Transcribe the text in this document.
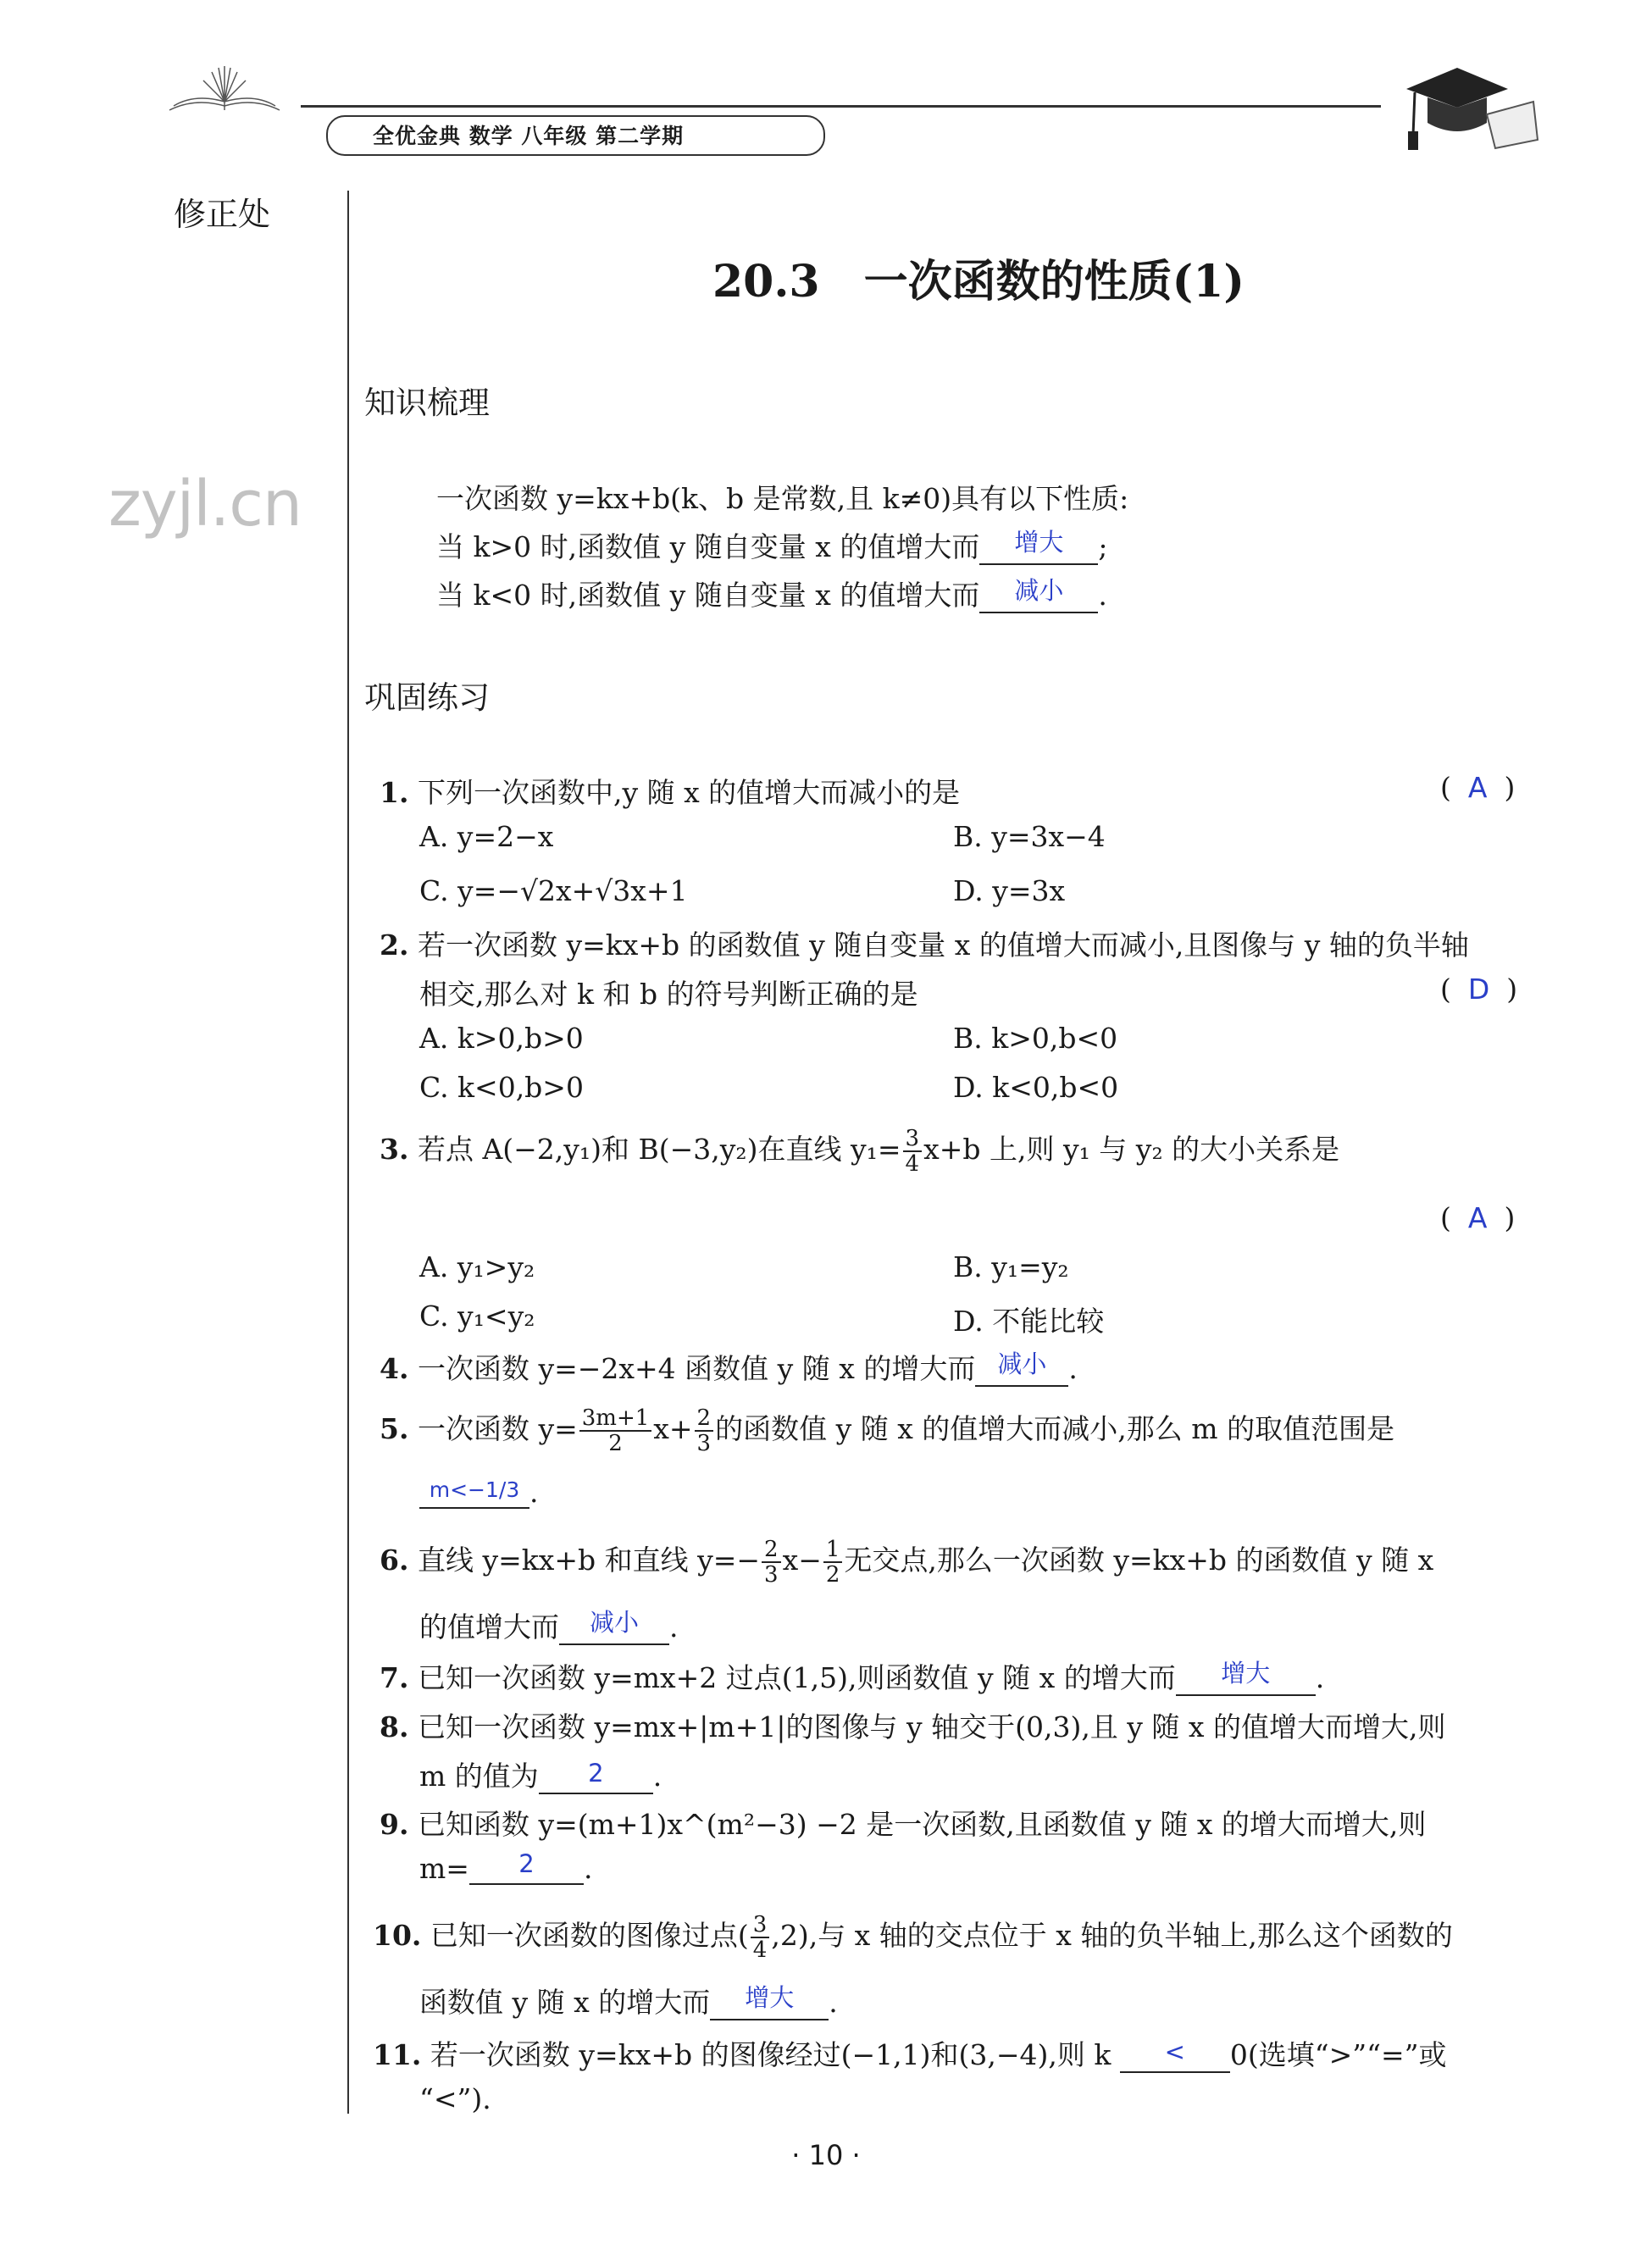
全优金典 数学 八年级 第二学期
修正处
zyjl.cn
20.3　一次函数的性质(1)
知识梳理
一次函数 y=kx+b(k、b 是常数,且 k≠0)具有以下性质:
当 k>0 时,函数值 y 随自变量 x 的值增大而	增大	;
当 k<0 时,函数值 y 随自变量 x 的值增大而	减小	.
巩固练习
1. 下列一次函数中,y 随 x 的值增大而减小的是	( A )
A. y=2−x	B. y=3x−4
C. y=−√2x+√3x+1	D. y=3x
2. 若一次函数 y=kx+b 的函数值 y 随自变量 x 的值增大而减小,且图像与 y 轴的负半轴
相交,那么对 k 和 b 的符号判断正确的是	( D )
A. k>0,b>0	B. k>0,b<0
C. k<0,b>0	D. k<0,b<0
3. 若点 A(−2,y₁)和 B(−3,y₂)在直线 $y_1= \frac{3}{4} x+b$ 上,则 y₁ 与 y₂ 的大小关系是
( A )
A. y₁>y₂	B. y₁=y₂
C. y₁<y₂	D. 不能比较
4. 一次函数 y=−2x+4 函数值 y 随 x 的增大而 减小 .
5. 一次函数 $y= \frac{3m+1}{2} x+ \frac{2}{3}$ 的函数值 y 随 x 的值增大而减小,那么 m 的取值范围是
m<−1/3 .
6. 直线 y=kx+b 和直线 $y=- \frac{2}{3} x- \frac{1}{2}$ 无交点,那么一次函数 y=kx+b 的函数值 y 随 x
的值增大而	减小	.
7. 已知一次函数 y=mx+2 过点(1,5),则函数值 y 随 x 的增大而	增大	.
8. 已知一次函数 y=mx+|m+1|的图像与 y 轴交于(0,3),且 y 随 x 的值增大而增大,则
m 的值为	2	.
9. 已知函数 y=(m+1)x^(m²−3) −2 是一次函数,且函数值 y 随 x 的增大而增大,则
m=	2	.
10. 已知一次函数的图像过点( $\frac{3}{4} ,2$),与 x 轴的交点位于 x 轴的负半轴上,那么这个函数的
函数值 y 随 x 的增大而	增大	.
11. 若一次函数 y=kx+b 的图像经过(−1,1)和(3,−4),则 k	<	0(选填“>”“=”或
“<”).
· 10 ·
